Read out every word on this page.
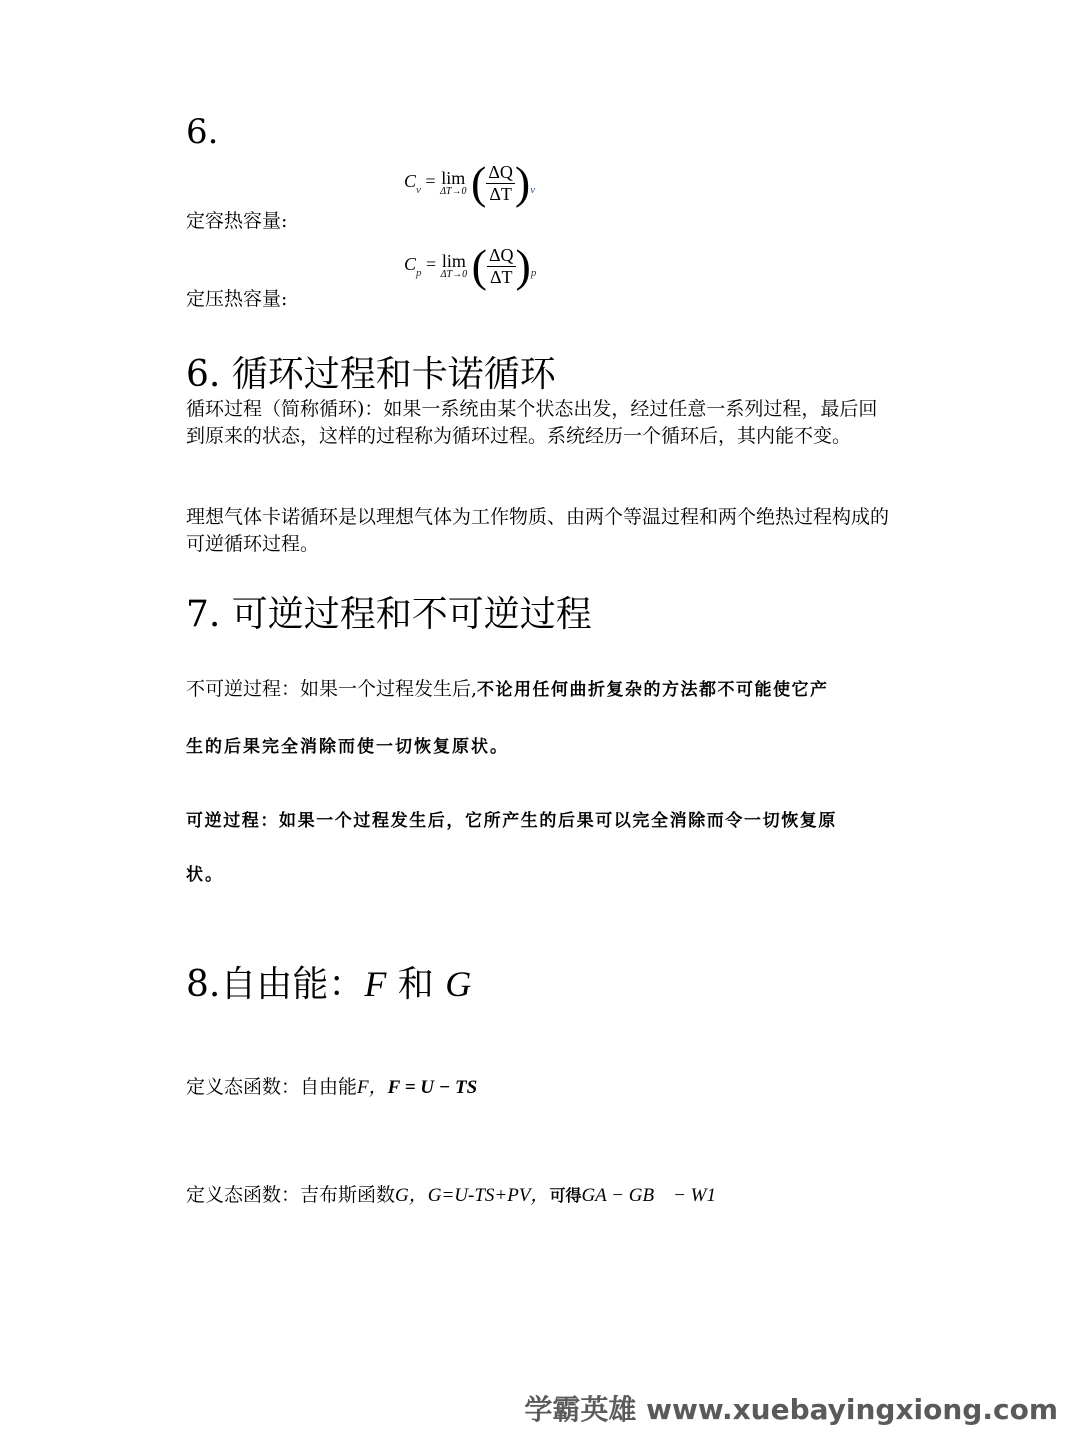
6.
定容热容量:
$C_v = \lim$
ΔT→0 ( $\frac{\Delta Q}{\Delta T} )_v$
定压热容量:
$C_p = \lim$
ΔT→0 ( $\frac{\Delta Q}{\Delta T} )_p$
6. 循环过程和卡诺循环
循环过程（简称循环)：如果一系统由某个状态出发，经过任意一系列过程，最后回到原来的状态，这样的过程称为循环过程。系统经历一个循环后，其内能不变。
理想气体卡诺循环是以理想气体为工作物质、由两个等温过程和两个绝热过程构成的可逆循环过程。
7. 可逆过程和不可逆过程
不可逆过程：如果一个过程发生后,不论用任何曲折复杂的方法都不可能使它产
生的后果完全消除而使一切恢复原状。
可逆过程：如果一个过程发生后，它所产生的后果可以完全消除而令一切恢复原
状。
8.自由能：F 和 G
定义态函数：自由能F，F = U − TS
定义态函数：吉布斯函数G，G=U-TS+PV，可得GA − GB    − W1
学霸英雄 www.xuebayingxiong.com
